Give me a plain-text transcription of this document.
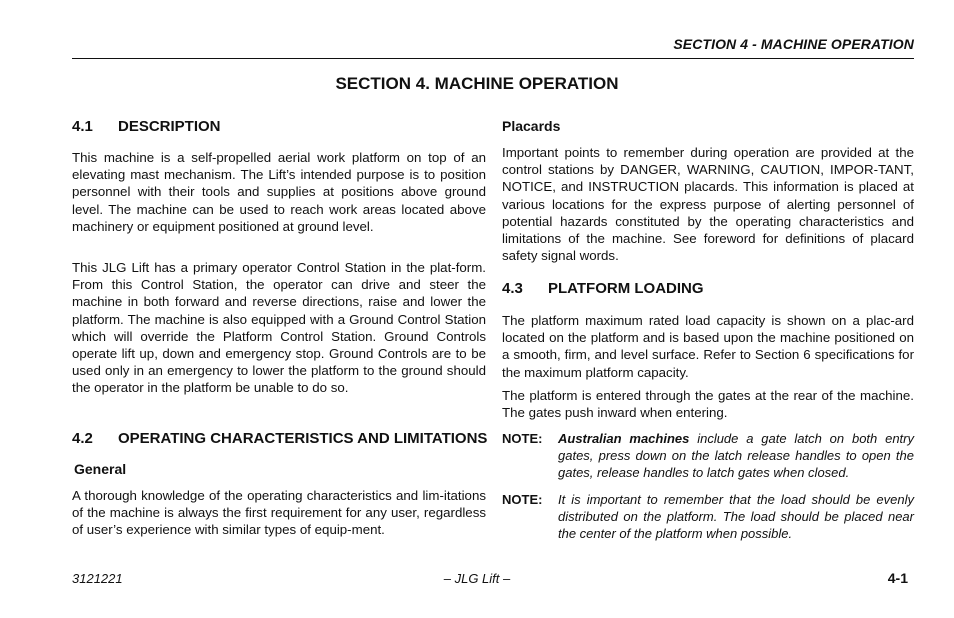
SECTION 4 - MACHINE OPERATION
SECTION 4. MACHINE OPERATION
4.1 DESCRIPTION
This machine is a self-propelled aerial work platform on top of an elevating mast mechanism. The Lift’s intended purpose is to position personnel with their tools and supplies at positions above ground level. The machine can be used to reach work areas located above machinery or equipment positioned at ground level.
This JLG Lift has a primary operator Control Station in the plat-form. From this Control Station, the operator can drive and steer the machine in both forward and reverse directions, raise and lower the platform. The machine is also equipped with a Ground Control Station which will override the Platform Control Station. Ground Controls operate lift up, down and emergency stop. Ground Controls are to be used only in an emergency to lower the platform to the ground should the operator in the platform be unable to do so.
4.2 OPERATING CHARACTERISTICS AND LIMITATIONS
General
A thorough knowledge of the operating characteristics and lim-itations of the machine is always the first requirement for any user, regardless of user’s experience with similar types of equip-ment.
Placards
Important points to remember during operation are provided at the control stations by DANGER, WARNING, CAUTION, IMPOR-TANT, NOTICE, and INSTRUCTION placards. This information is placed at various locations for the express purpose of alerting personnel of potential hazards constituted by the operating characteristics and limitations of the machine. See foreword for definitions of placard safety signal words.
4.3 PLATFORM LOADING
The platform maximum rated load capacity is shown on a plac-ard located on the platform and is based upon the machine positioned on a smooth, firm, and level surface. Refer to Section 6 specifications for the maximum platform capacity.
The platform is entered through the gates at the rear of the machine. The gates push inward when entering.
NOTE: Australian machines include a gate latch on both entry gates, press down on the latch release handles to open the gates, release handles to latch gates when closed.
NOTE: It is important to remember that the load should be evenly distributed on the platform. The load should be placed near the center of the platform when possible.
3121221	– JLG Lift –	4-1
